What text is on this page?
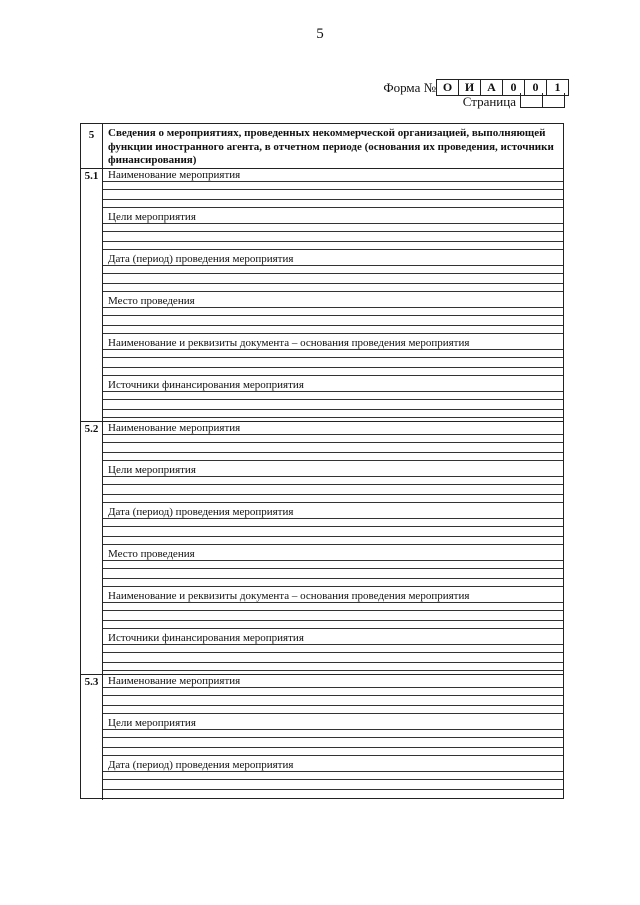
5
Форма № О	И	А	0	0	1
Страница
5	Сведения о мероприятиях, проведенных некоммерческой организацией, выполняющей функции иностранного агента, в отчетном периоде (основания их проведения, источники финансирования)
5.1 Наименование мероприятия
Цели мероприятия
Дата (период) проведения мероприятия
Место проведения
Наименование и реквизиты документа – основания проведения мероприятия
Источники финансирования мероприятия
5.2 Наименование мероприятия
Цели мероприятия
Дата (период) проведения мероприятия
Место проведения
Наименование и реквизиты документа – основания проведения мероприятия
Источники финансирования мероприятия
5.3 Наименование мероприятия
Цели мероприятия
Дата (период) проведения мероприятия
